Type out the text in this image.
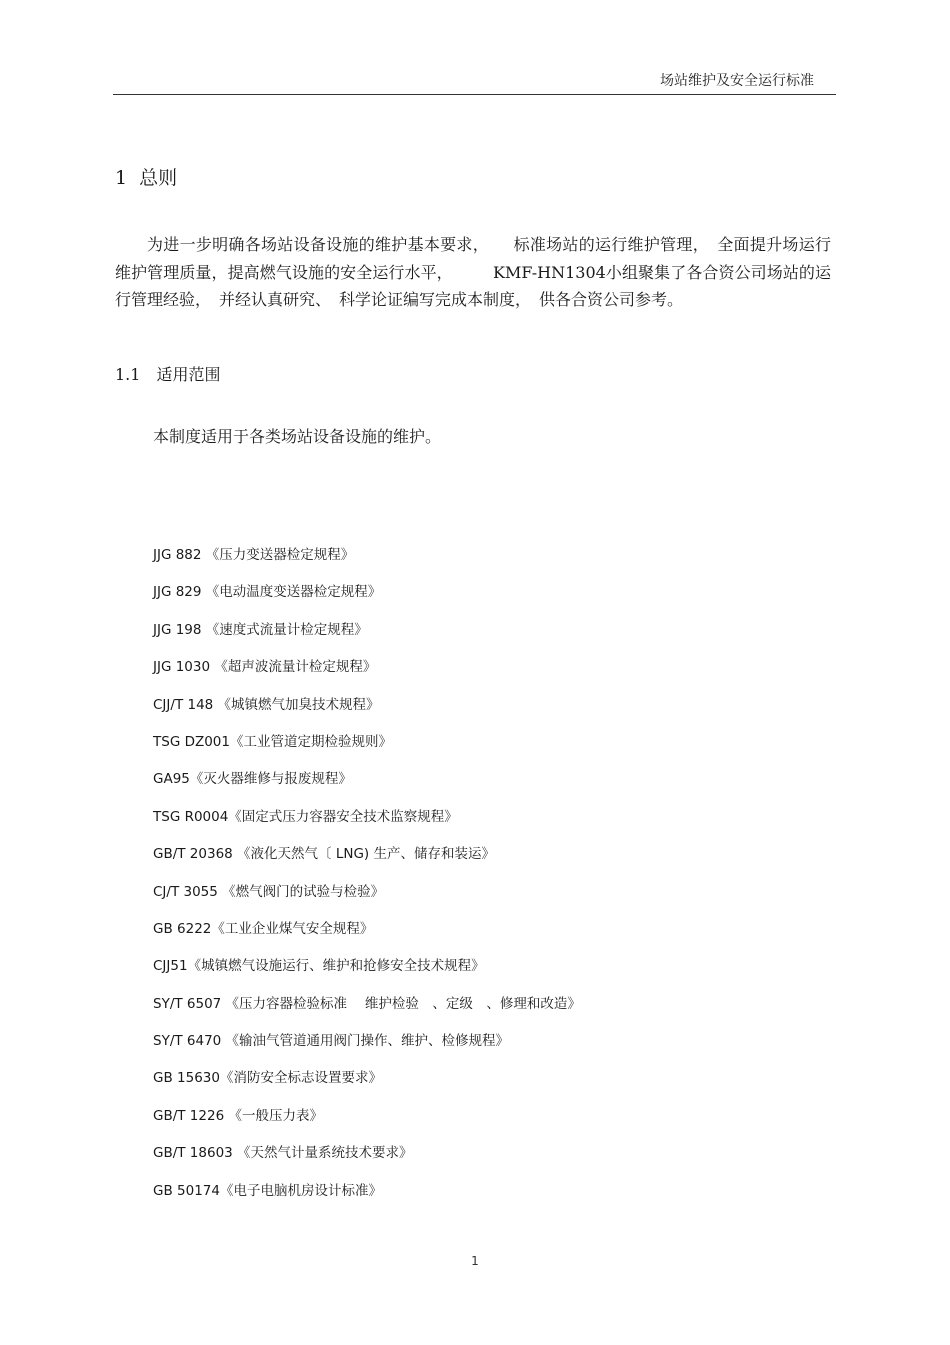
场站维护及安全运行标准
1 总则

为进一步明确各场站设备设施的维护基本要求，　　标准场站的运行维护管理，　全面提升场运行维护管理质量，提高燃气设施的安全运行水平，　　　KMF-HN1304小组聚集了各合资公司场站的运行管理经验，　并经认真研究、　科学论证编写完成本制度，　供各合资公司参考。

1.1 适用范围
本制度适用于各类场站设备设施的维护。
JJG 882 《压力变送器检定规程》
JJG 829 《电动温度变送器检定规程》
JJG 198 《速度式流量计检定规程》
JJG 1030 《超声波流量计检定规程》
CJJ/T 148 《城镇燃气加臭技术规程》
TSG DZ001《工业管道定期检验规则》
GA95《灭火器维修与报废规程》
TSG R0004《固定式压力容器安全技术监察规程》
GB/T 20368 《液化天然气〔 LNG) 生产、储存和装运》
CJ/T 3055 《燃气阀门的试验与检验》
GB 6222《工业企业煤气安全规程》
CJJ51《城镇燃气设施运行、维护和抢修安全技术规程》
SY/T 6507 《压力容器检验标准　 维护检验　、定级　、修理和改造》
SY/T 6470 《输油气管道通用阀门操作、维护、检修规程》
GB 15630《消防安全标志设置要求》
GB/T 1226 《一般压力表》
GB/T 18603 《天然气计量系统技术要求》
GB 50174《电子电脑机房设计标准》
1
